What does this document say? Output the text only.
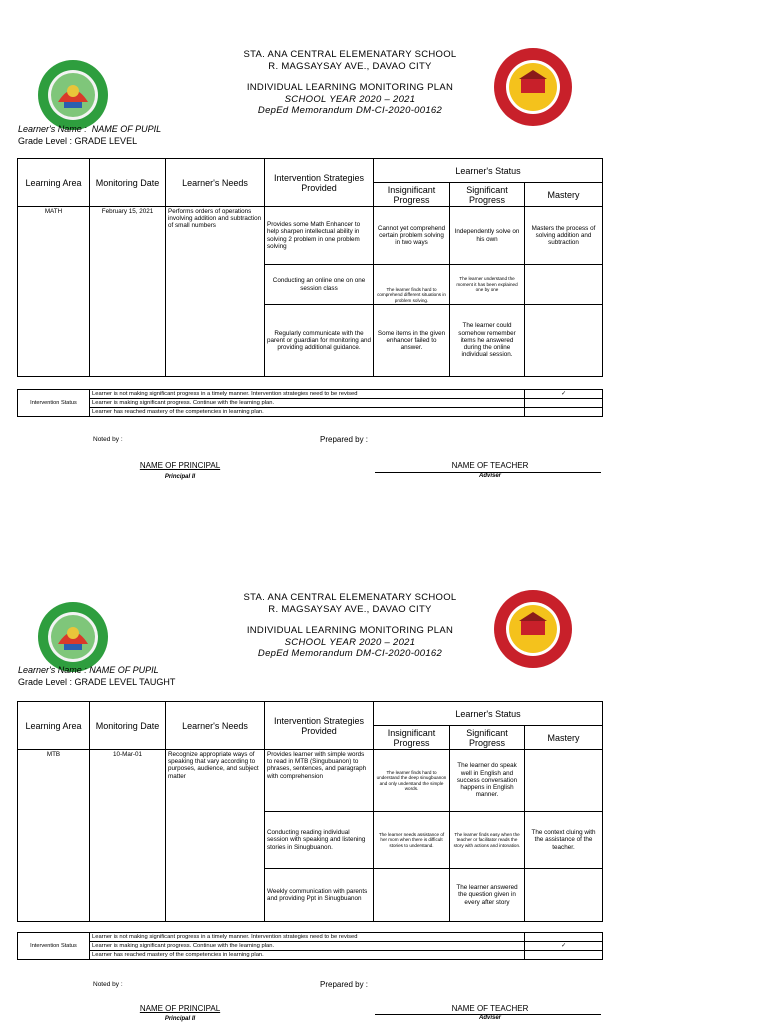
STA. ANA CENTRAL ELEMENATARY SCHOOL
R. MAGSAYSAY AVE., DAVAO CITY
INDIVIDUAL LEARNING MONITORING PLAN
SCHOOL YEAR 2020 – 2021
DepEd Memorandum DM-CI-2020-00162
Learner's Name : NAME OF PUPIL
Grade Level : GRADE LEVEL
Learning Area	Monitoring Date	Learner's Needs	Intervention Strategies Provided	Learner's Status		
				Insignificant Progress	Significant Progress	Mastery
MATH	February 15, 2021	Performs orders of operations involving addition and subtraction of small numbers	Provides some Math Enhancer to help sharpen intellectual ability in solving 2 problem in one problem solving	Cannot yet comprehend certain problem solving in two ways	Independently solve on his own	Masters the process of solving addition and subtraction
			Conducting an online one on one session class	The learner finds hard to comprehend different situations in problem solving.	The learner understand the moment it has been explained one by one	
			Regularly communicate with the parent or guardian for monitoring and providing additional guidance.	Some items in the given enhancer failed to answer.	The learner could somehow remember items he answered during the online individual session.	
Intervention Status	Learner is not making significant progress in a timely manner. Intervention strategies need to be revised	✓
	Learner is making significant progress. Continue with the learning plan.	
	Learner has reached mastery of the competencies in learning plan.	
Noted by :	Prepared by :
NAME OF PRINCIPAL
Principal II
NAME OF TEACHER
Adviser
STA. ANA CENTRAL ELEMENATARY SCHOOL
R. MAGSAYSAY AVE., DAVAO CITY
INDIVIDUAL LEARNING MONITORING PLAN
SCHOOL YEAR 2020 – 2021
DepEd Memorandum DM-CI-2020-00162
Learner's Name : NAME OF PUPIL
Grade Level : GRADE LEVEL TAUGHT
Learning Area	Monitoring Date	Learner's Needs	Intervention Strategies Provided	Learner's Status		
				Insignificant Progress	Significant Progress	Mastery
MTB	10-Mar-01	Recognize appropriate ways of speaking that vary according to purposes, audience, and subject matter	Provides learner with simple words to read in MTB (Singubuanon) to phrases, sentences, and paragraph with comprehension	The learner finds hard to understand the deep sinugbuanon and only understand the simple words.	The learner do speak well in English and success conversation happens in English manner.	
			Conducting reading individual session with speaking and listening stories in Sinugbuanon.	The learner needs assistance of her mom when there is difficult stories to understand.	The learner finds easy when the teacher or facilitator reads the story with actions and intonation.	The context cluing with the assistance of the teacher.
			Weekly communication with parents and providing Ppt in Sinugbuanon		The learner answered the question given in every after story	
Intervention Status	Learner is not making significant progress in a timely manner. Intervention strategies need to be revised	
	Learner is making significant progress. Continue with the learning plan.	✓
	Learner has reached mastery of the competencies in learning plan.	
Noted by :	Prepared by :
NAME OF PRINCIPAL
Principal II
NAME OF TEACHER
Adviser
